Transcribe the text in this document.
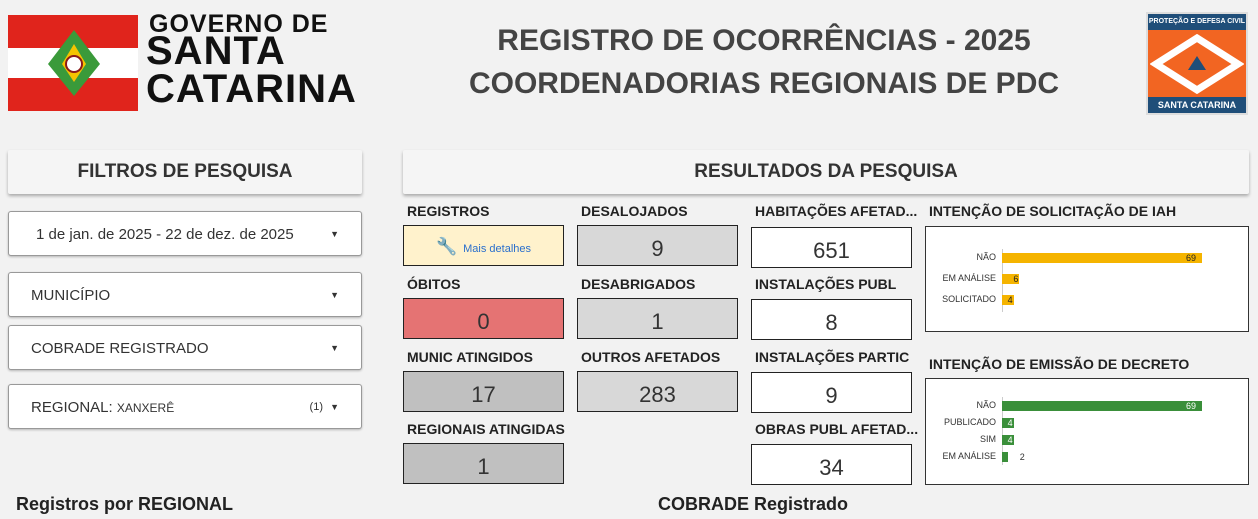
GOVERNO DE
SANTA
CATARINA
REGISTRO DE OCORRÊNCIAS - 2025
COORDENADORIAS REGIONAIS DE PDC
PROTEÇÃO E DEFESA CIVIL
SANTA CATARINA
FILTROS DE PESQUISA
1 de jan. de 2025 - 22 de dez. de 2025	▼
MUNICÍPIO	▼
COBRADE REGISTRADO	▼
REGIONAL: XANXERÊ	(1) ▼
RESULTADOS DA PESQUISA
REGISTROS
🔧 Mais detalhes
ÓBITOS
0
MUNIC ATINGIDOS
17
REGIONAIS ATINGIDAS
1
DESALOJADOS
9
DESABRIGADOS
1
OUTROS AFETADOS
283
HABITAÇÕES AFETAD...
651
INSTALAÇÕES PUBL
8
INSTALAÇÕES PARTIC
9
OBRAS PUBL AFETAD...
34
INTENÇÃO DE SOLICITAÇÃO DE IAH
NÃO	69
EM ANÁLISE 6
SOLICITADO 4
INTENÇÃO DE EMISSÃO DE DECRETO
NÃO	69
PUBLICADO 4
SIM 4
EM ANÁLISE	2
Registros por REGIONAL	COBRADE Registrado
